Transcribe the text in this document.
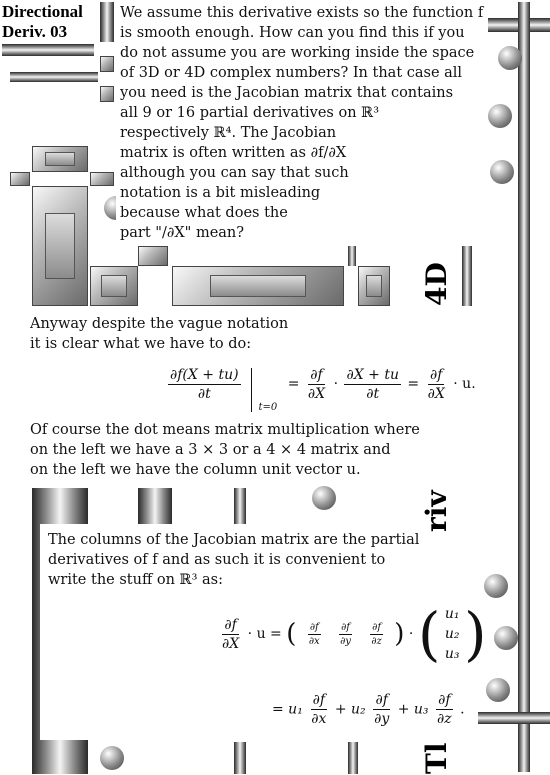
4D
riv
Tl
Directional
Deriv. 03
We assume this derivative exists so the function f
is smooth enough. How can you find this if you
do not assume you are working inside the space
of 3D or 4D complex numbers? In that case all
you need is the Jacobian matrix that contains
all 9 or 16 partial derivatives on ℝ³
respectively ℝ⁴. The Jacobian
matrix is often written as ∂f/∂X
although you can say that such
notation is a bit misleading
because what does the
part "/∂X" mean?
Anyway despite the vague notation
it is clear what we have to do:
$\frac{\partial f(X + tu)}{\partial t}$
$_{t=0} = \frac{\partial f}{\partial X} \cdot \frac{\partial X + tu}{\partial t} = \frac{\partial f}{\partial X} \cdot u$.
Of course the dot means matrix multiplication where
on the left we have a 3 × 3 or a 4 × 4 matrix and
on the left we have the column unit vector u.
The columns of the Jacobian matrix are the partial
derivatives of f and as such it is convenient to
write the stuff on ℝ³ as:
$\frac{\partial f}{\partial X} \cdot u$ = ( $\frac{\partial f}{\partial x}$
$\frac{\partial f}{\partial y}$
$\frac{\partial f}{\partial z}$ ) · ( u₁
u₂
u₃ )
= $u_1 \frac{\partial f}{\partial x} + u_2 \frac{\partial f}{\partial y} + u_3 \frac{\partial f}{\partial z}$ .
